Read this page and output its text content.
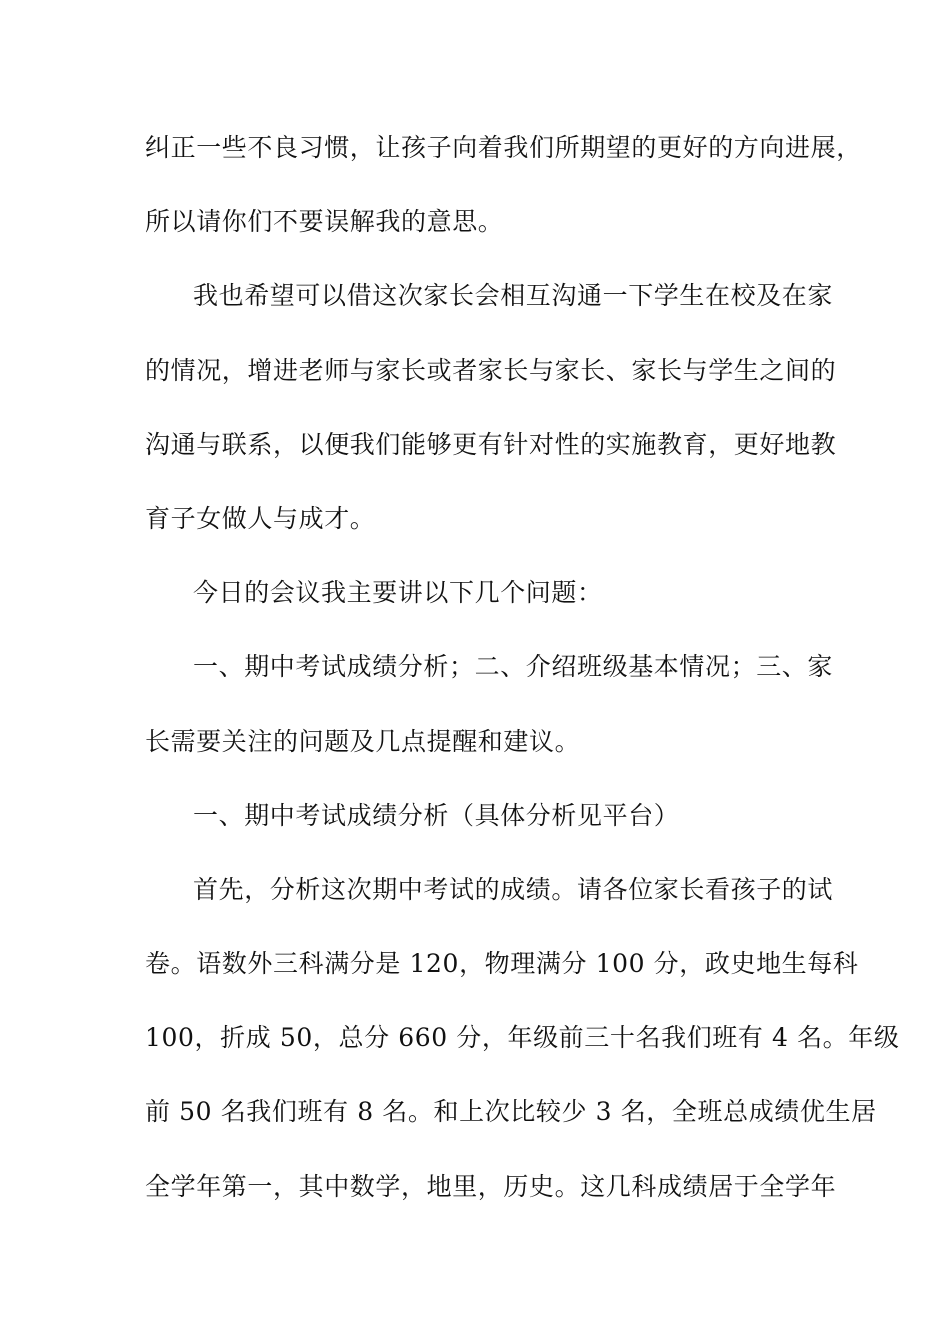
纠正一些不良习惯，让孩子向着我们所期望的更好的方向进展，
所以请你们不要误解我的意思。
我也希望可以借这次家长会相互沟通一下学生在校及在家
的情况，增进老师与家长或者家长与家长、家长与学生之间的
沟通与联系，以便我们能够更有针对性的实施教育，更好地教
育子女做人与成才。
今日的会议我主要讲以下几个问题：
一、期中考试成绩分析；二、介绍班级基本情况；三、家
长需要关注的问题及几点提醒和建议。
一、期中考试成绩分析（具体分析见平台）
首先，分析这次期中考试的成绩。请各位家长看孩子的试
卷。语数外三科满分是 120，物理满分 100 分，政史地生每科
100，折成 50，总分 660 分，年级前三十名我们班有 4 名。年级
前 50 名我们班有 8 名。和上次比较少 3 名，全班总成绩优生居
全学年第一，其中数学，地里，历史。这几科成绩居于全学年
